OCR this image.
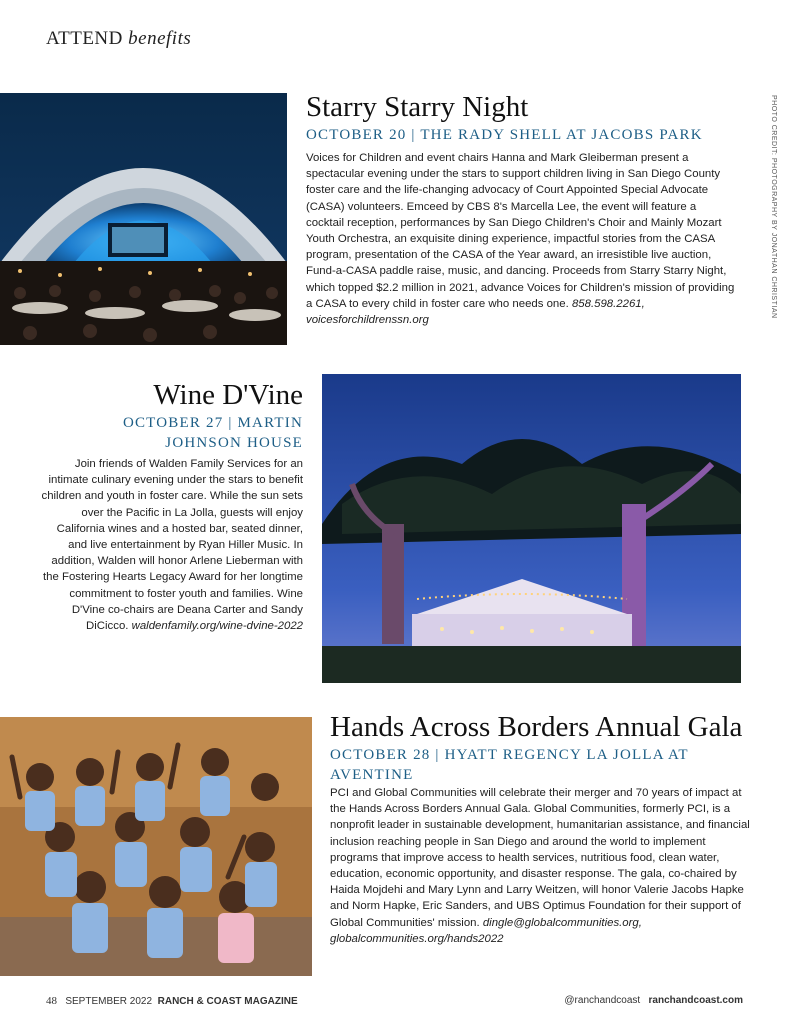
ATTEND benefits
PHOTO CREDIT: PHOTOGRAPHY BY JONATHAN CHRISTIAN
Starry Starry Night
OCTOBER 20 | THE RADY SHELL AT JACOBS PARK
Voices for Children and event chairs Hanna and Mark Gleiberman present a spectacular evening under the stars to support children living in San Diego County foster care and the life-changing advocacy of Court Appointed Special Advocate (CASA) volunteers. Emceed by CBS 8's Marcella Lee, the event will feature a cocktail reception, performances by San Diego Children's Choir and Mainly Mozart Youth Orchestra, an exquisite dining experience, impactful stories from the CASA program, presentation of the CASA of the Year award, an irresistible live auction, Fund-a-CASA paddle raise, music, and dancing. Proceeds from Starry Starry Night, which topped $2.2 million in 2021, advance Voices for Children's mission of providing a CASA to every child in foster care who needs one. 858.598.2261, voicesforchildrenssn.org
Wine D'Vine
OCTOBER 27 | MARTIN JOHNSON HOUSE
Join friends of Walden Family Services for an intimate culinary evening under the stars to benefit children and youth in foster care. While the sun sets over the Pacific in La Jolla, guests will enjoy California wines and a hosted bar, seated dinner, and live entertainment by Ryan Hiller Music. In addition, Walden will honor Arlene Lieberman with the Fostering Hearts Legacy Award for her longtime commitment to foster youth and families. Wine D'Vine co-chairs are Deana Carter and Sandy DiCicco. waldenfamily.org/wine-dvine-2022
Hands Across Borders Annual Gala
OCTOBER 28 | HYATT REGENCY LA JOLLA AT AVENTINE
PCI and Global Communities will celebrate their merger and 70 years of impact at the Hands Across Borders Annual Gala. Global Communities, formerly PCI, is a nonprofit leader in sustainable development, humanitarian assistance, and financial inclusion reaching people in San Diego and around the world to implement programs that improve access to health services, nutritious food, clean water, education, economic opportunity, and disaster response. The gala, co-chaired by Haida Mojdehi and Mary Lynn and Larry Weitzen, will honor Valerie Jacobs Hapke and Norm Hapke, Eric Sanders, and UBS Optimus Foundation for their support of Global Communities' mission. dingle@globalcommunities.org, globalcommunities.org/hands2022
48 SEPTEMBER 2022 RANCH & COAST MAGAZINE	@ranchandcoast ranchandcoast.com
